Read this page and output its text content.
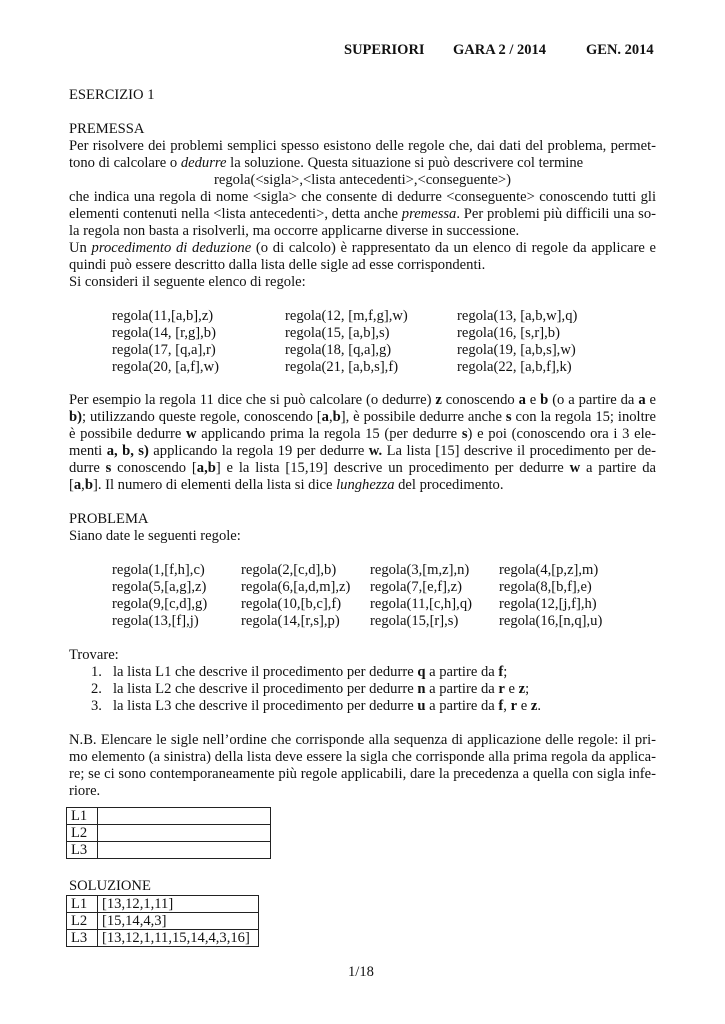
SUPERIORI GARA 2 / 2014	GEN. 2014
ESERCIZIO 1
PREMESSA
Per risolvere dei problemi semplici spesso esistono delle regole che, dai dati del problema, permet-
tono di calcolare o dedurre la soluzione. Questa situazione si può descrivere col termine
regola(<sigla>,<lista antecedenti>,<conseguente>)
che indica una regola di nome <sigla> che consente di dedurre <conseguente> conoscendo tutti gli
elementi contenuti nella <lista antecedenti>, detta anche premessa. Per problemi più difficili una so-
la regola non basta a risolverli, ma occorre applicarne diverse in successione.
Un procedimento di deduzione (o di calcolo) è rappresentato da un elenco di regole da applicare e
quindi può essere descritto dalla lista delle sigle ad esse corrispondenti.
Si consideri il seguente elenco di regole:
regola(11,[a,b],z)	regola(12, [m,f,g],w)	regola(13, [a,b,w],q)
regola(14, [r,g],b)	regola(15, [a,b],s)	regola(16, [s,r],b)
regola(17, [q,a],r)	regola(18, [q,a],g)	regola(19, [a,b,s],w)
regola(20, [a,f],w)	regola(21, [a,b,s],f)	regola(22, [a,b,f],k)
Per esempio la regola 11 dice che si può calcolare (o dedurre) z conoscendo a e b (o a partire da a e
b); utilizzando queste regole, conoscendo [a,b], è possibile dedurre anche s con la regola 15; inoltre
è possibile dedurre w applicando prima la regola 15 (per dedurre s) e poi (conoscendo ora i 3 ele-
menti a, b, s) applicando la regola 19 per dedurre w. La lista [15] descrive il procedimento per de-
durre s conoscendo [a,b] e la lista [15,19] descrive un procedimento per dedurre w a partire da
[a,b]. Il numero di elementi della lista si dice lunghezza del procedimento.
PROBLEMA
Siano date le seguenti regole:
regola(1,[f,h],c) regola(2,[c,d],b) regola(3,[m,z],n) regola(4,[p,z],m)
regola(5,[a,g],z) regola(6,[a,d,m],z) regola(7,[e,f],z)	regola(8,[b,f],e)
regola(9,[c,d],g) regola(10,[b,c],f) regola(11,[c,h],q) regola(12,[j,f],h)
regola(13,[f],j)	regola(14,[r,s],p) regola(15,[r],s)	regola(16,[n,q],u)
Trovare:
1. la lista L1 che descrive il procedimento per dedurre q a partire da f;
2. la lista L2 che descrive il procedimento per dedurre n a partire da r e z;
3. la lista L3 che descrive il procedimento per dedurre u a partire da f, r e z.
N.B. Elencare le sigle nell’ordine che corrisponde alla sequenza di applicazione delle regole: il pri-
mo elemento (a sinistra) della lista deve essere la sigla che corrisponde alla prima regola da applica-
re; se ci sono contemporaneamente più regole applicabili, dare la precedenza a quella con sigla infe-
riore.
L1	
L2	
L3	
SOLUZIONE
L1	[13,12,1,11]
L2	[15,14,4,3]
L3	[13,12,1,11,15,14,4,3,16]
1/18
